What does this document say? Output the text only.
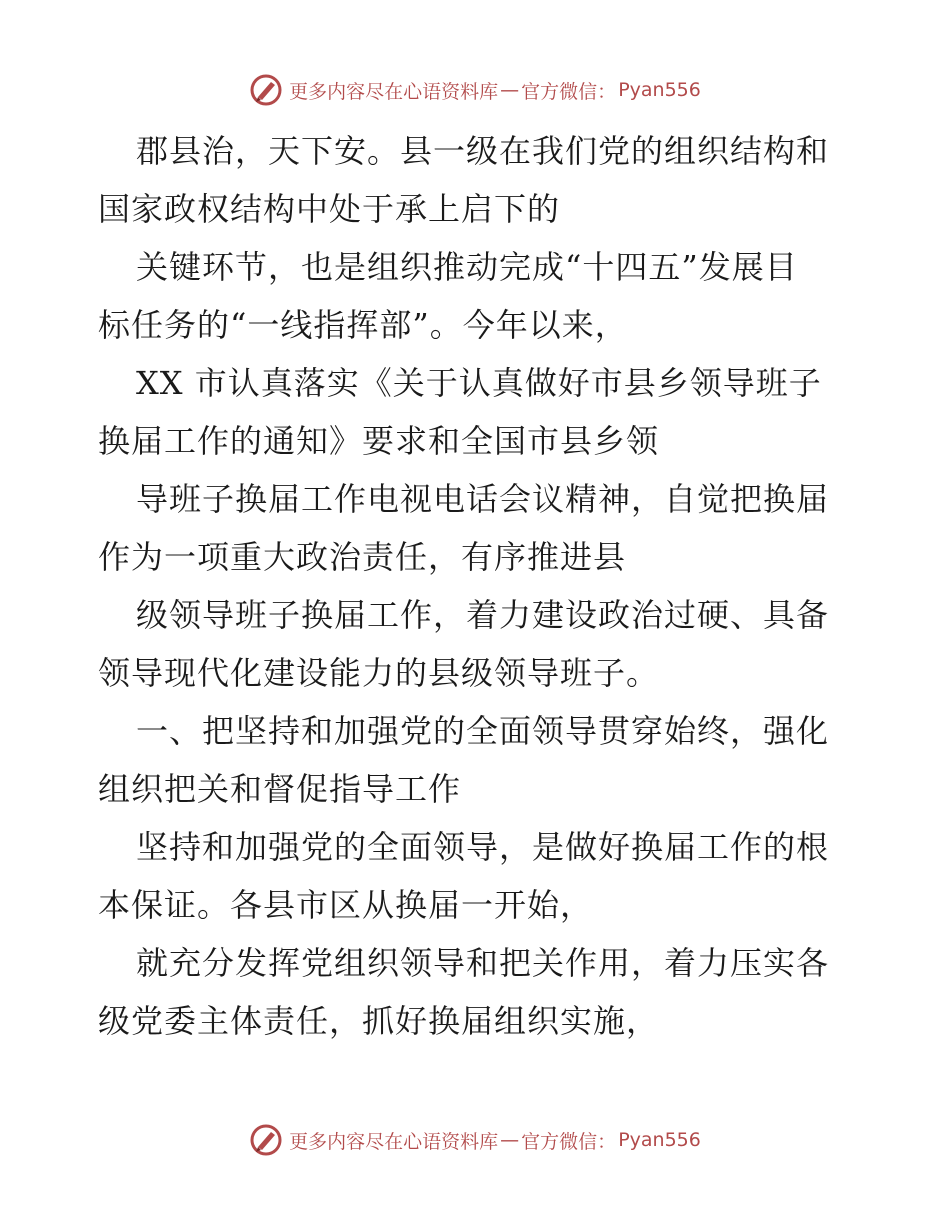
更多内容尽在心语资料库 — 官方微信： Pyan556

郡县治，天下安。县一级在我们党的组织结构和
国家政权结构中处于承上启下的

关键环节，也是组织推动完成“十四五”发展目
标任务的“一线指挥部”。今年以来，

XX 市认真落实《关于认真做好市县乡领导班子
换届工作的通知》要求和全国市县乡领

导班子换届工作电视电话会议精神，自觉把换届
作为一项重大政治责任，有序推进县

级领导班子换届工作，着力建设政治过硬、具备
领导现代化建设能力的县级领导班子。

一、把坚持和加强党的全面领导贯穿始终，强化
组织把关和督促指导工作

坚持和加强党的全面领导，是做好换届工作的根
本保证。各县市区从换届一开始，

就充分发挥党组织领导和把关作用，着力压实各
级党委主体责任，抓好换届组织实施，

更多内容尽在心语资料库 — 官方微信： Pyan556
